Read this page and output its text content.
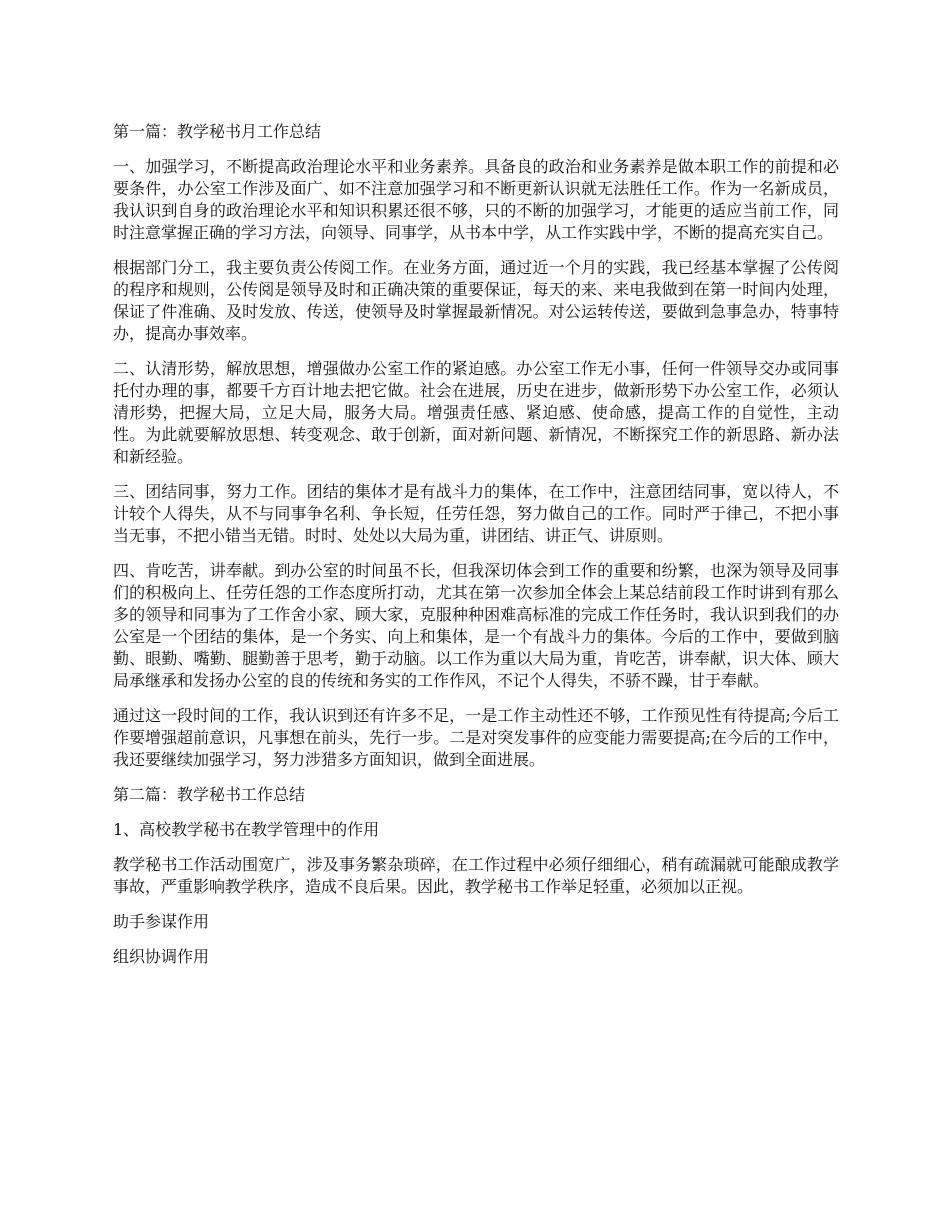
第一篇：教学秘书月工作总结

一、加强学习，不断提高政治理论水平和业务素养。具备良的政治和业务素养是做本职工作的前提和必要条件，办公室工作涉及面广、如不注意加强学习和不断更新认识就无法胜任工作。作为一名新成员，我认识到自身的政治理论水平和知识积累还很不够，只的不断的加强学习，才能更的适应当前工作，同时注意掌握正确的学习方法，向领导、同事学，从书本中学，从工作实践中学，不断的提高充实自己。

根据部门分工，我主要负责公传阅工作。在业务方面，通过近一个月的实践，我已经基本掌握了公传阅的程序和规则，公传阅是领导及时和正确决策的重要保证，每天的来、来电我做到在第一时间内处理，保证了件准确、及时发放、传送，使领导及时掌握最新情况。对公运转传送，要做到急事急办，特事特办，提高办事效率。

二、认清形势，解放思想，增强做办公室工作的紧迫感。办公室工作无小事，任何一件领导交办或同事托付办理的事，都要千方百计地去把它做。社会在进展，历史在进步，做新形势下办公室工作，必须认清形势，把握大局，立足大局，服务大局。增强责任感、紧迫感、使命感，提高工作的自觉性，主动性。为此就要解放思想、转变观念、敢于创新，面对新问题、新情况，不断探究工作的新思路、新办法和新经验。

三、团结同事，努力工作。团结的集体才是有战斗力的集体，在工作中，注意团结同事，宽以待人，不计较个人得失，从不与同事争名利、争长短，任劳任怨，努力做自己的工作。同时严于律己，不把小事当无事，不把小错当无错。时时、处处以大局为重，讲团结、讲正气、讲原则。

四、肯吃苦，讲奉献。到办公室的时间虽不长，但我深切体会到工作的重要和纷繁，也深为领导及同事们的积极向上、任劳任怨的工作态度所打动，尤其在第一次参加全体会上某总结前段工作时讲到有那么多的领导和同事为了工作舍小家、顾大家，克服种种困难高标准的完成工作任务时，我认识到我们的办公室是一个团结的集体，是一个务实、向上和集体，是一个有战斗力的集体。今后的工作中，要做到脑勤、眼勤、嘴勤、腿勤善于思考，勤于动脑。以工作为重以大局为重，肯吃苦，讲奉献，识大体、顾大局承继承和发扬办公室的良的传统和务实的工作作风，不记个人得失，不骄不躁，甘于奉献。

通过这一段时间的工作，我认识到还有许多不足，一是工作主动性还不够，工作预见性有待提高;今后工作要增强超前意识，凡事想在前头，先行一步。二是对突发事件的应变能力需要提高;在今后的工作中，我还要继续加强学习，努力涉猎多方面知识，做到全面进展。

第二篇：教学秘书工作总结
1、高校教学秘书在教学管理中的作用

教学秘书工作活动围宽广，涉及事务繁杂琐碎，在工作过程中必须仔细细心，稍有疏漏就可能酿成教学事故，严重影响教学秩序，造成不良后果。因此，教学秘书工作举足轻重，必须加以正视。

助手参谋作用
组织协调作用
